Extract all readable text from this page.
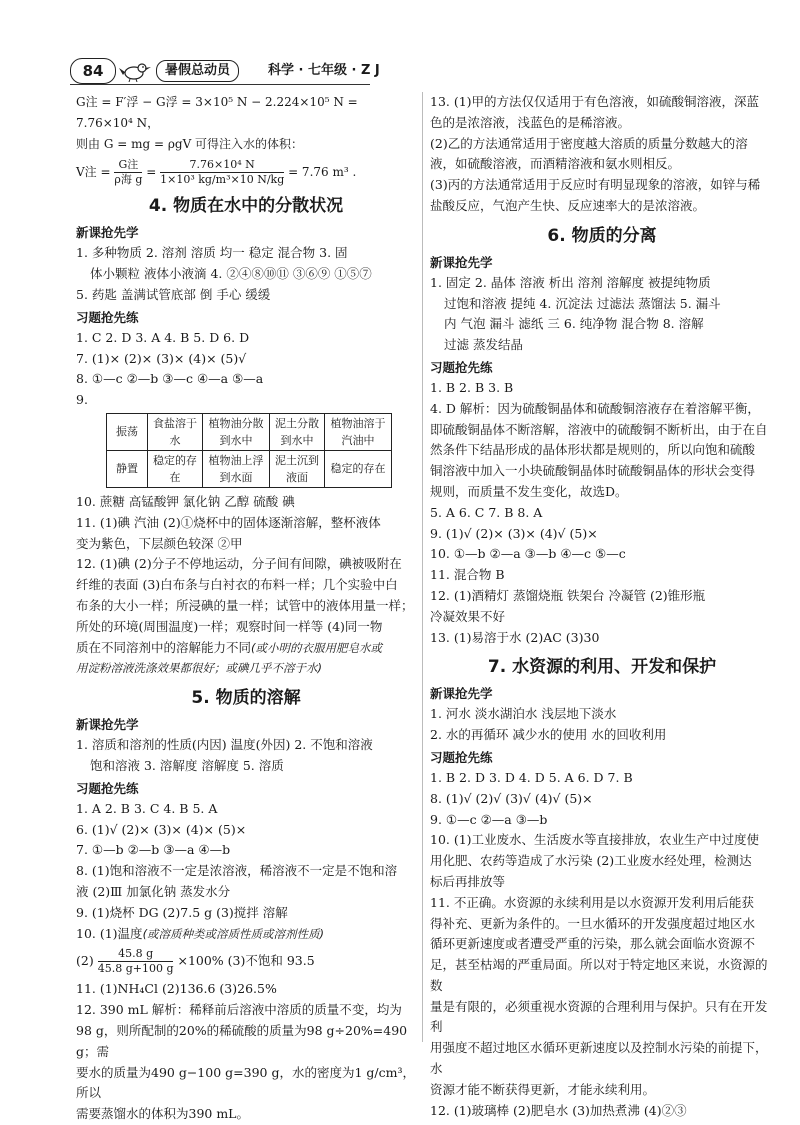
84	暑假总动员	科学 · 七年级 · Z J

G注 = F′浮 − G浮 = 3×10⁵ N − 2.224×10⁵ N = 7.76×10⁴ N，

则由 G = mg = ρgV 可得注入水的体积：

V注 = $\frac{\text{G注}}{\text{ρ海 g}} = \frac{\text{7.76×10⁴ N}}{\text{1×10³ kg/m³×10 N/kg}} = 7.76$ m³ .

4. 物质在水中的分散状况

新课抢先学

1. 多种物质 2. 溶剂 溶质 均一 稳定 混合物 3. 固

体小颗粒 液体小液滴 4. ②④⑧⑩⑪ ③⑥⑨ ①⑤⑦

5. 药匙 盖满试管底部 倒 手心 缓缓

习题抢先练

1. C 2. D 3. A 4. B 5. D 6. D

7. (1)× (2)× (3)× (4)× (5)√

8. ①—c ②—b ③—c ④—a ⑤—a

9.

振荡	食盐溶于水	植物油分散到水中	泥土分散到水中	植物油溶于汽油中
静置	稳定的存在	植物油上浮到水面	泥土沉到液面	稳定的存在

10. 蔗糖 高锰酸钾 氯化钠 乙醇 硫酸 碘

11. (1)碘 汽油 (2)①烧杯中的固体逐渐溶解，整杯液体

变为紫色，下层颜色较深 ②甲

12. (1)碘 (2)分子不停地运动，分子间有间隙，碘被吸附在

纤维的表面 (3)白布条与白衬衣的布料一样；几个实验中白

布条的大小一样；所浸碘的量一样；试管中的液体用量一样；

所处的环境(周围温度)一样；观察时间一样等 (4)同一物

质在不同溶剂中的溶解能力不同(或小明的衣服用肥皂水或

用淀粉溶液洗涤效果都很好；或碘几乎不溶于水)

5. 物质的溶解

新课抢先学

1. 溶质和溶剂的性质(内因) 温度(外因) 2. 不饱和溶液

饱和溶液 3. 溶解度 溶解度 5. 溶质

习题抢先练

1. A 2. B 3. C 4. B 5. A

6. (1)√ (2)× (3)× (4)× (5)×

7. ①—b ②—b ③—a ④—b

8. (1)饱和溶液不一定是浓溶液，稀溶液不一定是不饱和溶

液 (2)Ⅲ 加氯化钠 蒸发水分

9. (1)烧杯 DG (2)7.5 g (3)搅拌 溶解

10. (1)温度(或溶质种类或溶质性质或溶剂性质)

$(2) \frac{45.8 g}{45.8 g+100 g} \times 100\%$ (3)不饱和 93.5

11. (1)NH₄Cl (2)136.6 (3)26.5%

12. 390 mL 解析：稀释前后溶液中溶质的质量不变，均为

98 g，则所配制的20%的稀硫酸的质量为98 g÷20%=490 g；需

要水的质量为490 g−100 g=390 g，水的密度为1 g/cm³，所以

需要蒸馏水的体积为390 mL。

13. (1)甲的方法仅仅适用于有色溶液，如硫酸铜溶液，深蓝

色的是浓溶液，浅蓝色的是稀溶液。

(2)乙的方法通常适用于密度越大溶质的质量分数越大的溶

液，如硫酸溶液，而酒精溶液和氨水则相反。

(3)丙的方法通常适用于反应时有明显现象的溶液，如锌与稀

盐酸反应，气泡产生快、反应速率大的是浓溶液。

6. 物质的分离

新课抢先学

1. 固定 2. 晶体 溶液 析出 溶剂 溶解度 被提纯物质

过饱和溶液 提纯 4. 沉淀法 过滤法 蒸馏法 5. 漏斗

内 气泡 漏斗 滤纸 三 6. 纯净物 混合物 8. 溶解

过滤 蒸发结晶

习题抢先练

1. B 2. B 3. B

4. D 解析：因为硫酸铜晶体和硫酸铜溶液存在着溶解平衡，

即硫酸铜晶体不断溶解，溶液中的硫酸铜不断析出，由于在自

然条件下结晶形成的晶体形状都是规则的，所以向饱和硫酸

铜溶液中加入一小块硫酸铜晶体时硫酸铜晶体的形状会变得

规则，而质量不发生变化，故选D。

5. A 6. C 7. B 8. A

9. (1)√ (2)× (3)× (4)√ (5)×

10. ①—b ②—a ③—b ④—c ⑤—c

11. 混合物 B

12. (1)酒精灯 蒸馏烧瓶 铁架台 冷凝管 (2)锥形瓶

冷凝效果不好

13. (1)易溶于水 (2)AC (3)30

7. 水资源的利用、开发和保护

新课抢先学

1. 河水 淡水湖泊水 浅层地下淡水

2. 水的再循环 减少水的使用 水的回收利用

习题抢先练

1. B 2. D 3. D 4. D 5. A 6. D 7. B

8. (1)√ (2)√ (3)√ (4)√ (5)×

9. ①—c ②—a ③—b

10. (1)工业废水、生活废水等直接排放，农业生产中过度使

用化肥、农药等造成了水污染 (2)工业废水经处理，检测达

标后再排放等

11. 不正确。水资源的永续利用是以水资源开发利用后能获

得补充、更新为条件的。一旦水循环的开发强度超过地区水

循环更新速度或者遭受严重的污染，那么就会面临水资源不

足，甚至枯竭的严重局面。所以对于特定地区来说，水资源的数

量是有限的，必须重视水资源的合理利用与保护。只有在开发利

用强度不超过地区水循环更新速度以及控制水污染的前提下，水

资源才能不断获得更新，才能永续利用。

12. (1)玻璃棒 (2)肥皂水 (3)加热煮沸 (4)②③
